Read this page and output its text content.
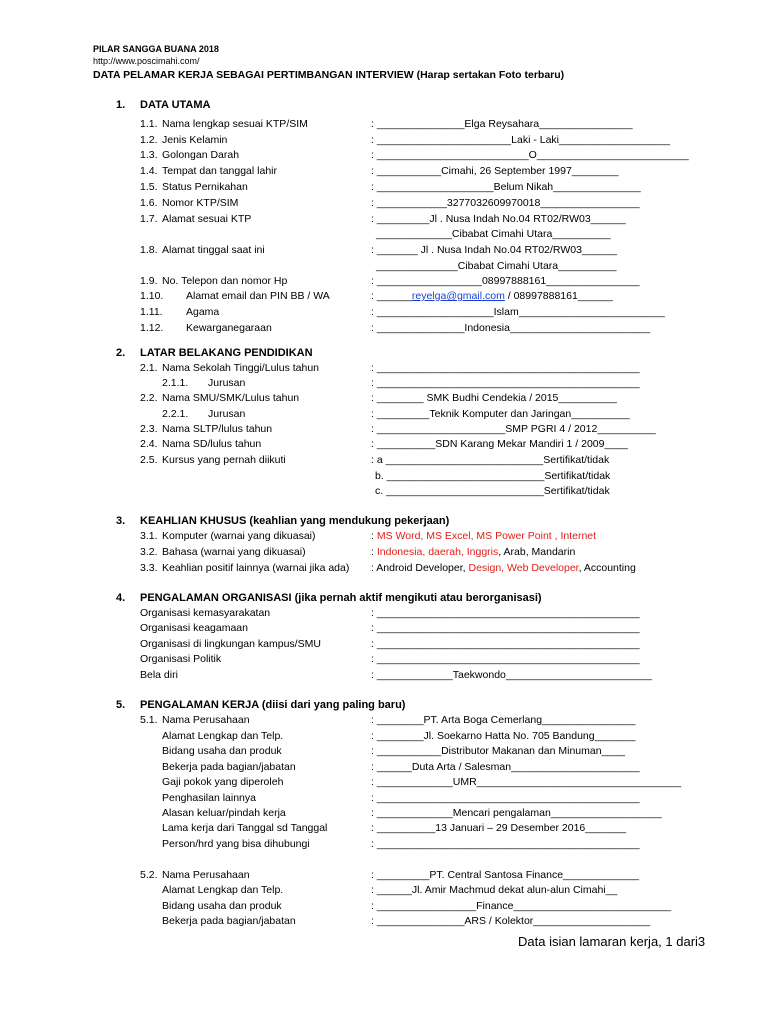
PILAR SANGGA BUANA 2018
http://www.poscimahi.com/
DATA PELAMAR KERJA SEBAGAI PERTIMBANGAN INTERVIEW (Harap sertakan Foto terbaru)
1. DATA UTAMA
1.1. Nama lengkap sesuai KTP/SIM	: _______________Elga Reysahara________________
1.2. Jenis Kelamin	: _______________________Laki - Laki___________________
1.3. Golongan Darah	: __________________________O__________________________
1.4. Tempat dan tanggal lahir	: ___________Cimahi, 26 September 1997________
1.5. Status Pernikahan	: ____________________Belum Nikah_______________
1.6. Nomor KTP/SIM	: ____________3277032609970018_________________
1.7. Alamat sesuai KTP	: _________Jl . Nusa Indah No.04 RT02/RW03______
_____________Cibabat Cimahi Utara__________
1.8. Alamat tinggal saat ini	: _______ Jl . Nusa Indah No.04 RT02/RW03______
______________Cibabat Cimahi Utara__________
1.9. No. Telepon dan nomor Hp	: __________________08997888161________________
1.10. Alamat email dan PIN BB / WA	: ______reyelga@gmail.com / 08997888161______
1.11. Agama	: ____________________Islam_________________________
1.12. Kewarganegaraan	: _______________Indonesia________________________
2. LATAR BELAKANG PENDIDIKAN
2.1. Nama Sekolah Tinggi/Lulus tahun	: _____________________________________________
2.1.1. Jurusan	: _____________________________________________
2.2. Nama SMU/SMK/Lulus tahun	: ________ SMK Budhi Cendekia / 2015__________
2.2.1. Jurusan	: _________Teknik Komputer dan Jaringan__________
2.3. Nama SLTP/lulus tahun	: ______________________SMP PGRI 4 / 2012__________
2.4. Nama SD/lulus tahun	: __________SDN Karang Mekar Mandiri 1 / 2009____
2.5. Kursus yang pernah diikuti	: a ___________________________Sertifikat/tidak
b. ___________________________Sertifikat/tidak
c. ___________________________Sertifikat/tidak
3. KEAHLIAN KHUSUS (keahlian yang mendukung pekerjaan)
3.1. Komputer (warnai yang dikuasai)	: MS Word, MS Excel, MS Power Point , Internet
3.2. Bahasa (warnai yang dikuasai)	: Indonesia, daerah, Inggris, Arab, Mandarin
3.3. Keahlian positif lainnya (warnai jika ada) : Android Developer, Design, Web Developer, Accounting
4. PENGALAMAN ORGANISASI (jika pernah aktif mengikuti atau berorganisasi)
Organisasi kemasyarakatan	: _____________________________________________
Organisasi keagamaan	: _____________________________________________
Organisasi di lingkungan kampus/SMU	: _____________________________________________
Organisasi Politik	: _____________________________________________
Bela diri	: _____________Taekwondo_________________________
5. PENGALAMAN KERJA (diisi dari yang paling baru)
5.1. Nama Perusahaan	: ________PT. Arta Boga Cemerlang________________
Alamat Lengkap dan Telp.	: ________Jl. Soekarno Hatta No. 705 Bandung_______
Bidang usaha dan produk	: ___________Distributor Makanan dan Minuman____
Bekerja pada bagian/jabatan	: ______Duta Arta / Salesman______________________
Gaji pokok yang diperoleh	: _____________UMR___________________________________
Penghasilan lainnya	: _____________________________________________
Alasan keluar/pindah kerja	: _____________Mencari pengalaman___________________
Lama kerja dari Tanggal sd Tanggal	: __________13 Januari – 29 Desember 2016_______
Person/hrd yang bisa dihubungi	: _____________________________________________
5.2. Nama Perusahaan	: _________PT. Central Santosa Finance_____________
Alamat Lengkap dan Telp.	: ______Jl. Amir Machmud dekat alun-alun Cimahi__
Bidang usaha dan produk	: _________________Finance___________________________
Bekerja pada bagian/jabatan	: _______________ARS / Kolektor____________________
Data isian lamaran kerja, 1 dari3
